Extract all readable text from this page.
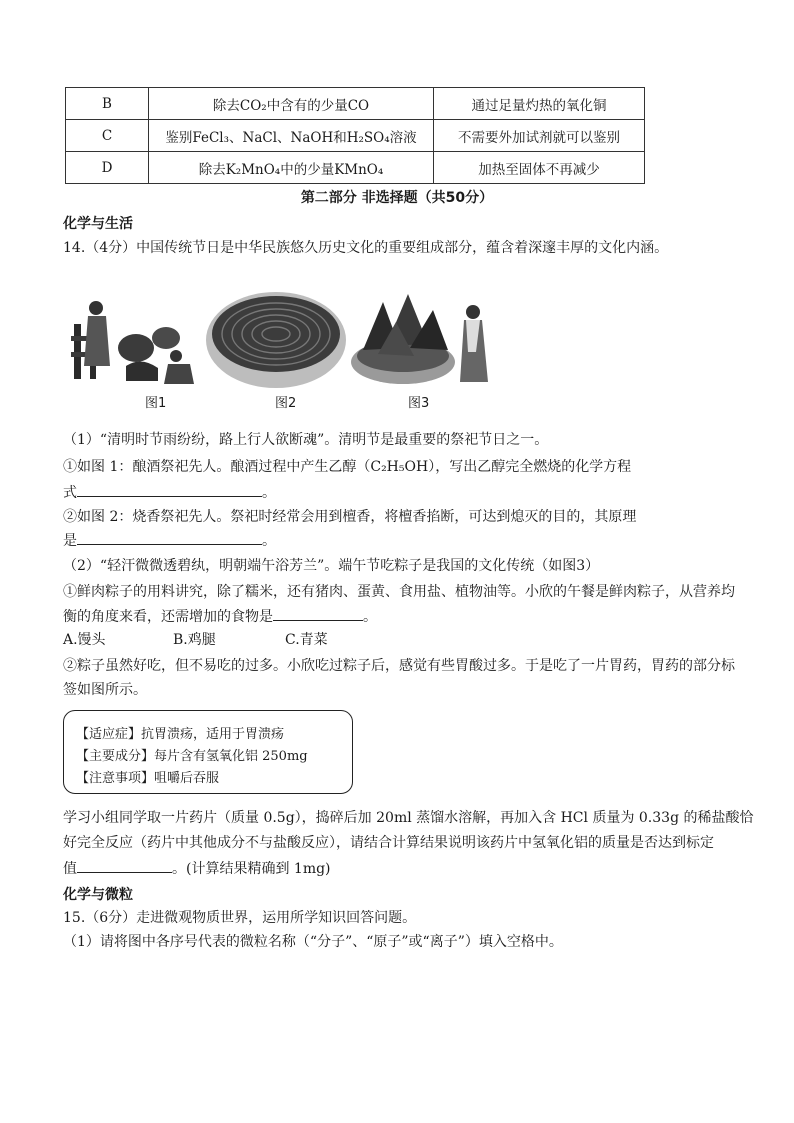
B	除去CO₂中含有的少量CO	通过足量灼热的氧化铜
C	鉴别FeCl₃、NaCl、NaOH和H₂SO₄溶液	不需要外加试剂就可以鉴别
D	除去K₂MnO₄中的少量KMnO₄	加热至固体不再减少
第二部分 非选择题（共50分）
化学与生活
14.（4分）中国传统节日是中华民族悠久历史文化的重要组成部分，蕴含着深邃丰厚的文化内涵。
图1	图2	图3
（1）“清明时节雨纷纷，路上行人欲断魂”。清明节是最重要的祭祀节日之一。
①如图 1：酿酒祭祀先人。酿酒过程中产生乙醇（C₂H₅OH），写出乙醇完全燃烧的化学方程
式	。
②如图 2：烧香祭祀先人。祭祀时经常会用到檀香，将檀香掐断，可达到熄灭的目的，其原理
是	。
（2）“轻汗微微透碧纨，明朝端午浴芳兰”。端午节吃粽子是我国的文化传统（如图3）
①鲜肉粽子的用料讲究，除了糯米，还有猪肉、蛋黄、食用盐、植物油等。小欣的午餐是鲜肉粽子，从营养均
衡的角度来看，还需增加的食物是	。
A.馒头	B.鸡腿	C.青菜
②粽子虽然好吃，但不易吃的过多。小欣吃过粽子后，感觉有些胃酸过多。于是吃了一片胃药，胃药的部分标
签如图所示。
【适应症】抗胃溃疡，适用于胃溃疡
【主要成分】每片含有氢氧化铝 250mg
【注意事项】咀嚼后吞服
学习小组同学取一片药片（质量 0.5g），捣碎后加 20ml 蒸馏水溶解，再加入含 HCl 质量为 0.33g 的稀盐酸恰
好完全反应（药片中其他成分不与盐酸反应），请结合计算结果说明该药片中氢氧化铝的质量是否达到标定
值	。(计算结果精确到 1mg)
化学与微粒
15.（6分）走进微观物质世界，运用所学知识回答问题。
（1）请将图中各序号代表的微粒名称（“分子”、“原子”或“离子”）填入空格中。
